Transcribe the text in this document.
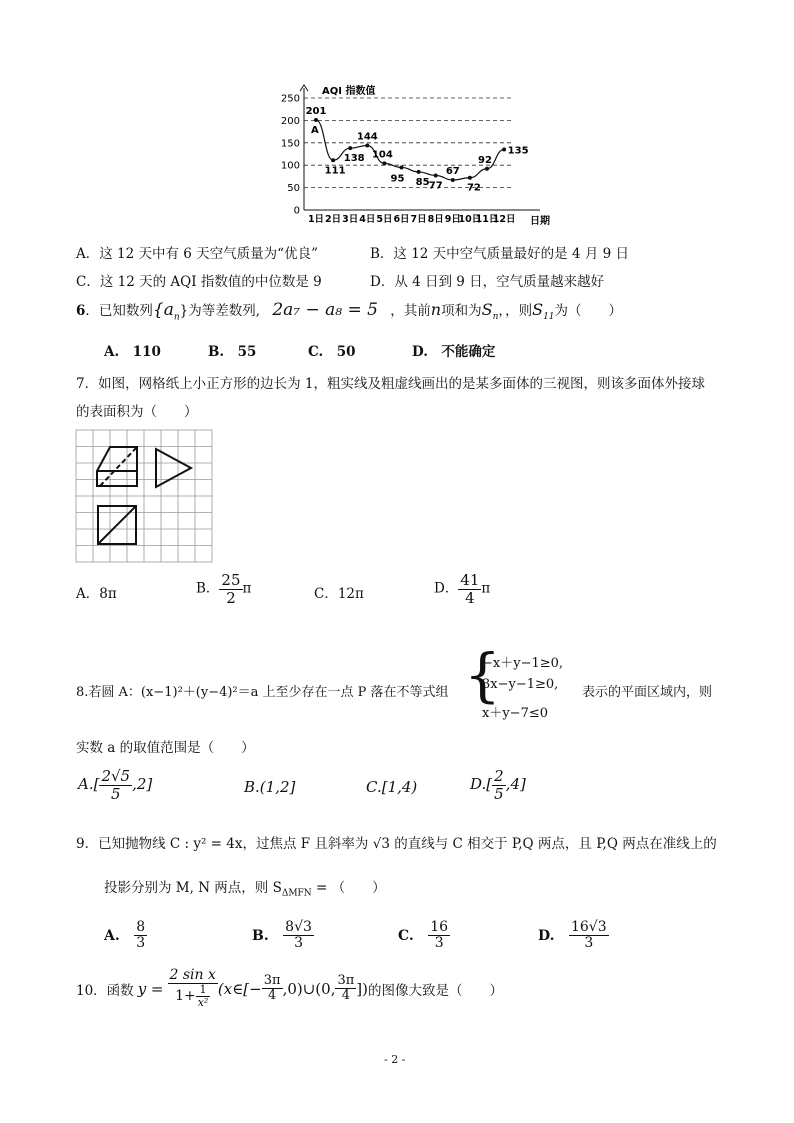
0
50
100
150
200
250
1日 2日 3日 4日 5日 6日 7日 8日 9日
10日
11日
12日
201
111
138
144
104
95 85 77
67
72
92
135
AQI 指数值
日期
A
A．这 12 天中有 6 天空气质量为“优良”	B．这 12 天中空气质量最好的是 4 月 9 日
C．这 12 天的 AQI 指数值的中位数是 9	D．从 4 日到 9 日，空气质量越来越好
6．已知数列$\{a_n\}$为等差数列, 2a₇ − a₈ = 5 ，其前n项和为$S_n$，，则$S_{11}$为（　　）
A.　110	B.　55	C.　50	D.　不能确定
7．如图，网格纸上小正方形的边长为 1，粗实线及粗虚线画出的是某多面体的三视图，则该多面体外接球
的表面积为（　　）
A．8π	B． $\frac{25}{2}$ π	C．12π	D． $\frac{41}{4}$ π
8.若圆 A：(x−1)²＋(y−4)²＝a 上至少存在一点 P 落在不等式组 {
−x＋y−1≥0,
3x−y−1≥0,
x＋y−7≤0
表示的平面区域内，则
实数 a 的取值范围是（　　）
$A.[ \frac{2√5}{5} ,2]$	B.(1,2]	C.[1,4)	$D.[ \frac{2}{5} ,4]$
9．已知抛物线 C : y² = 4x，过焦点 F 且斜率为 √3 的直线与 C 相交于 P,Q 两点，且 P,Q 两点在准线上的
投影分别为 M, N 两点，则 $S_{\Delta MFN}$ = （　　）
A. $\frac{8}{3}$	B. $\frac{8√3}{3}$	C. $\frac{16}{3}$	D. $\frac{16√3}{3}$
10．函数 $y = \frac{\text{2 sin x}}{1+ \frac{1}{\text{x²}}}$ (x∈[− $\frac{3\pi}{4}$ ,0)∪(0, $\frac{3\pi}{4}$ ]) 的图像大致是（　　）
- 2 -
